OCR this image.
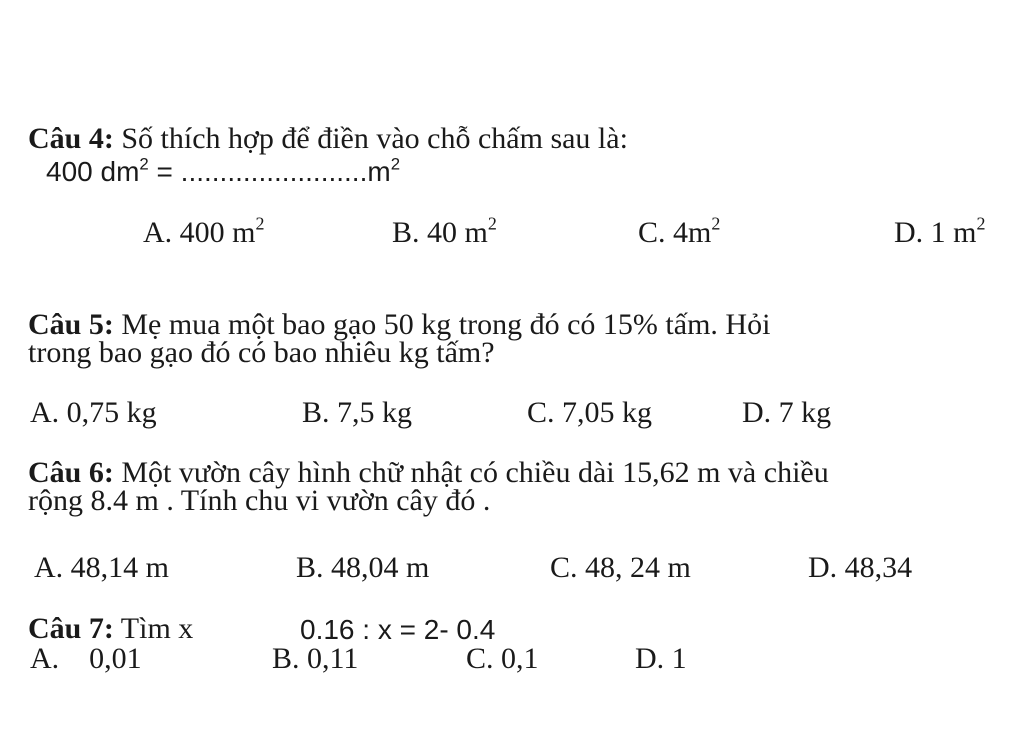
Câu 4: Số thích hợp để điền vào chỗ chấm sau là:
400 $dm^2 = ........................m^2$
A. 400 $m^2$	B. 40 $m^2$	C. $4m^2$	D. 1 $m^2$
Câu 5: Mẹ mua một bao gạo 50 kg trong đó có 15% tấm. Hỏi
trong bao gạo đó có bao nhiêu kg tấm?
A. 0,75 kg	B. 7,5 kg	C. 7,05 kg	D. 7 kg
Câu 6: Một vườn cây hình chữ nhật có chiều dài 15,62 m và chiều
rộng 8.4 m . Tính chu vi vườn cây đó .
A. 48,14 m	B. 48,04 m	C. 48, 24 m	D. 48,34
Câu 7: Tìm x	0.16 : x = 2- 0.4
A.    0,01	B. 0,11	C. 0,1	D. 1
